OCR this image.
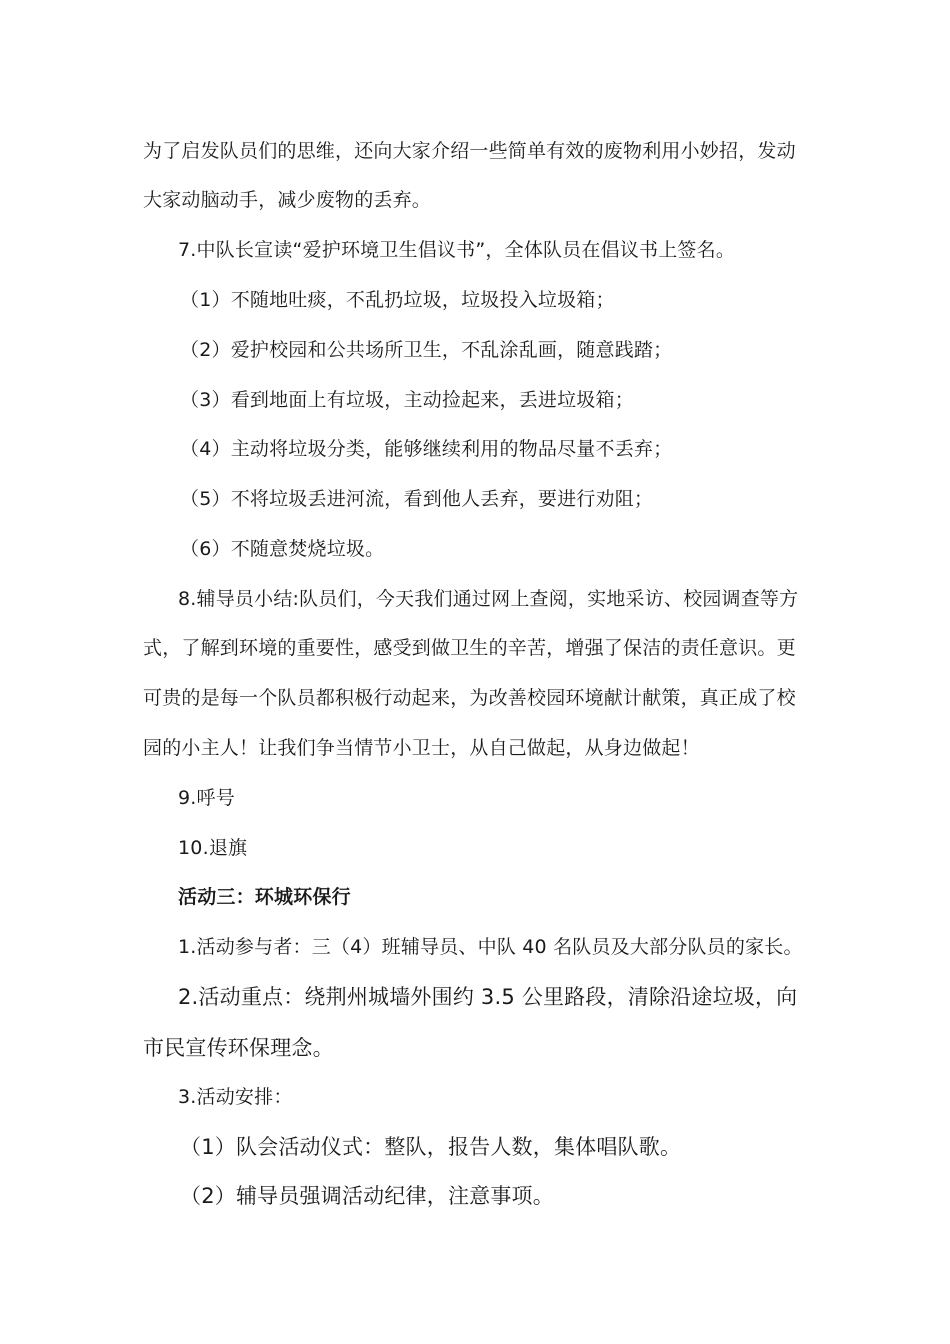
为了启发队员们的思维，还向大家介绍一些简单有效的废物利用小妙招，发动
大家动脑动手，减少废物的丢弃。
7.中队长宣读“爱护环境卫生倡议书”，全体队员在倡议书上签名。
（1）不随地吐痰，不乱扔垃圾，垃圾投入垃圾箱；
（2）爱护校园和公共场所卫生，不乱涂乱画，随意践踏；
（3）看到地面上有垃圾，主动捡起来，丢进垃圾箱；
（4）主动将垃圾分类，能够继续利用的物品尽量不丢弃；
（5）不将垃圾丢进河流，看到他人丢弃，要进行劝阻；
（6）不随意焚烧垃圾。
8.辅导员小结:队员们，今天我们通过网上查阅，实地采访、校园调查等方
式，了解到环境的重要性，感受到做卫生的辛苦，增强了保洁的责任意识。更
可贵的是每一个队员都积极行动起来，为改善校园环境献计献策，真正成了校
园的小主人！让我们争当情节小卫士，从自己做起，从身边做起！
9.呼号
10.退旗
活动三：环城环保行
1.活动参与者：三（4）班辅导员、中队 40 名队员及大部分队员的家长。
2.活动重点：绕荆州城墙外围约 3.5 公里路段，清除沿途垃圾，向
市民宣传环保理念。
3.活动安排：
（1）队会活动仪式：整队，报告人数，集体唱队歌。
（2）辅导员强调活动纪律，注意事项。
